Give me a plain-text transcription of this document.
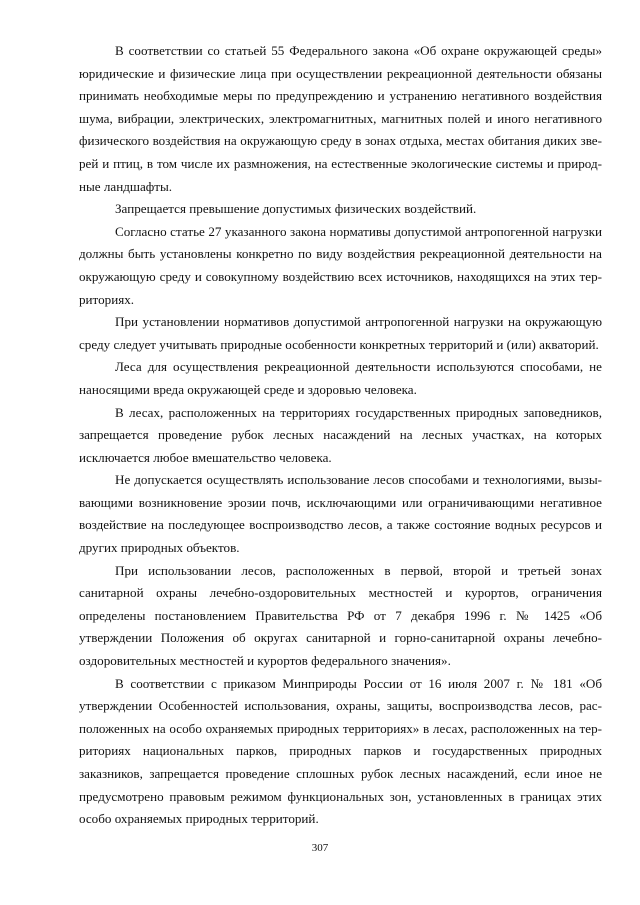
В соответствии со статьей 55 Федерального закона «Об охране окружающей среды» юридические и физические лица при осуществлении рекреационной деятельности обязаны принимать необходимые меры по предупреждению и устранению негативного воздействия шума, вибрации, электрических, электромагнитных, магнитных полей и иного негативного физического воздействия на окружающую среду в зонах отдыха, местах обитания диких зверей и птиц, в том числе их размножения, на естественные экологические системы и природные ландшафты.

Запрещается превышение допустимых физических воздействий.

Согласно статье 27 указанного закона нормативы допустимой антропогенной нагрузки должны быть установлены конкретно по виду воздействия рекреационной деятельности на окружающую среду и совокупному воздействию всех источников, находящихся на этих территориях.

При установлении нормативов допустимой антропогенной нагрузки на окружающую среду следует учитывать природные особенности конкретных территорий и (или) акваторий.

Леса для осуществления рекреационной деятельности используются способами, не наносящими вреда окружающей среде и здоровью человека.

В лесах, расположенных на территориях государственных природных заповедников, запрещается проведение рубок лесных насаждений на лесных участках, на которых исключается любое вмешательство человека.

Не допускается осуществлять использование лесов способами и технологиями, вызывающими возникновение эрозии почв, исключающими или ограничивающими негативное воздействие на последующее воспроизводство лесов, а также состояние водных ресурсов и других природных объектов.

При использовании лесов, расположенных в первой, второй и третьей зонах санитарной охраны лечебно-оздоровительных местностей и курортов, ограничения определены постановлением Правительства РФ от 7 декабря 1996 г. № 1425 «Об утверждении Положения об округах санитарной и горно-санитарной охраны лечебно-оздоровительных местностей и курортов федерального значения».

В соответствии с приказом Минприроды России от 16 июля 2007 г. № 181 «Об утверждении Особенностей использования, охраны, защиты, воспроизводства лесов, расположенных на особо охраняемых природных территориях» в лесах, расположенных на территориях национальных парков, природных парков и государственных природных заказников, запрещается проведение сплошных рубок лесных насаждений, если иное не предусмотрено правовым режимом функциональных зон, установленных в границах этих особо охраняемых природных территорий.

307
